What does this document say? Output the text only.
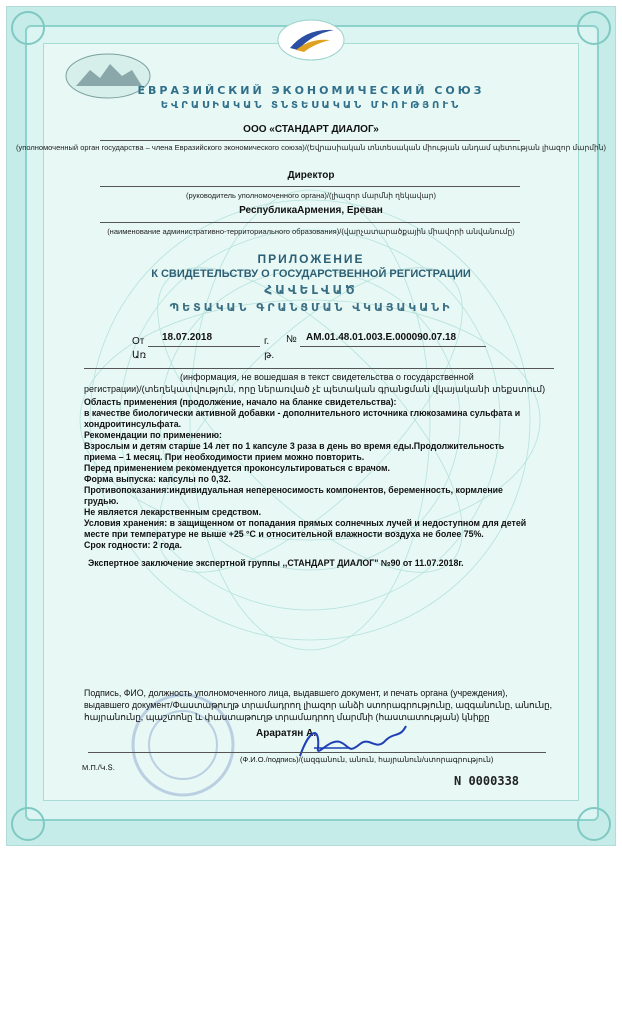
ЕВРАЗИЙСКИЙ ЭКОНОМИЧЕСКИЙ СОЮЗ
ԵՎՐԱՍԻԱԿԱՆ ՏՆՏԵՍԱԿԱՆ ՄԻՈՒԹՅՈՒՆ
ООО «СТАНДАРТ ДИАЛОГ»
(уполномоченный орган государства – члена Евразийского экономического союза)/(Եվրասիական տնտեսական միության անդամ պետության լիազոր մարմին)
Директор
(руководитель уполномоченного органа)/(լիազոր մարմնի ղեկավար)
РеспубликаАрмения, Ереван
(наименование административно-территориального образования)/(վարչատարածքային միավորի անվանումը)
ПРИЛОЖЕНИЕ
К СВИДЕТЕЛЬСТВУ О ГОСУДАРСТВЕННОЙ РЕГИСТРАЦИИ
ՀԱՎԵԼՎԱԾ
ՊԵՏԱԿԱՆ ԳՐԱՆՑՄԱՆ ՎԿԱՅԱԿԱՆԻ
От
Առ
18.07.2018	г.
թ.
№ AM.01.48.01.003.E.000090.07.18
(информация, не вошедшая в текст свидетельства о государственной
регистрации)/(տեղեկատվություն, որը ներառված չէ պետական գրանցման վկայականի տեքստում)
Область применения (продолжение, начало на бланке свидетельства):
в качестве биологически активной добавки - дополнительного источника глюкозамина сульфата и
хондроитинсульфата.
Рекомендации по применению:
Взрослым и детям старше 14 лет по 1 капсуле 3 раза в день во время еды.Продолжительность
приема – 1 месяц. При необходимости прием можно повторить.
Перед применением рекомендуется проконсультироваться с врачом.
Форма выпуска: капсулы по 0,32.
Противопоказания:индивидуальная непереносимость компонентов, беременность, кормление
грудью.
Не является лекарственным средством.
Условия хранения: в защищенном от попадания прямых солнечных лучей и недоступном для детей
месте при температуре не выше +25 °С и относительной влажности воздуха не более 75%.
Срок годности: 2 года.
Экспертное заключение экспертной группы ,,СТАНДАРТ ДИАЛОГ" №90 от 11.07.2018г.
Подпись, ФИО, должность уполномоченного лица, выдавшего документ, и печать органа (учреждения),
выдавшего документ/Փաստաթուղթ տրամադրող լիազոր անձի ստորագրությունը, ազգանունը, անունը,
հայրանունը, պաշտոնը և փաստաթուղթ տրամադրող մարմնի (հաստատության) կնիքը
Араратян А.
(Ф.И.О./подпись)/(ազգանուն, անուն, հայրանուն/ստորագրություն)
М.П./Կ.Տ.
N 0000338
